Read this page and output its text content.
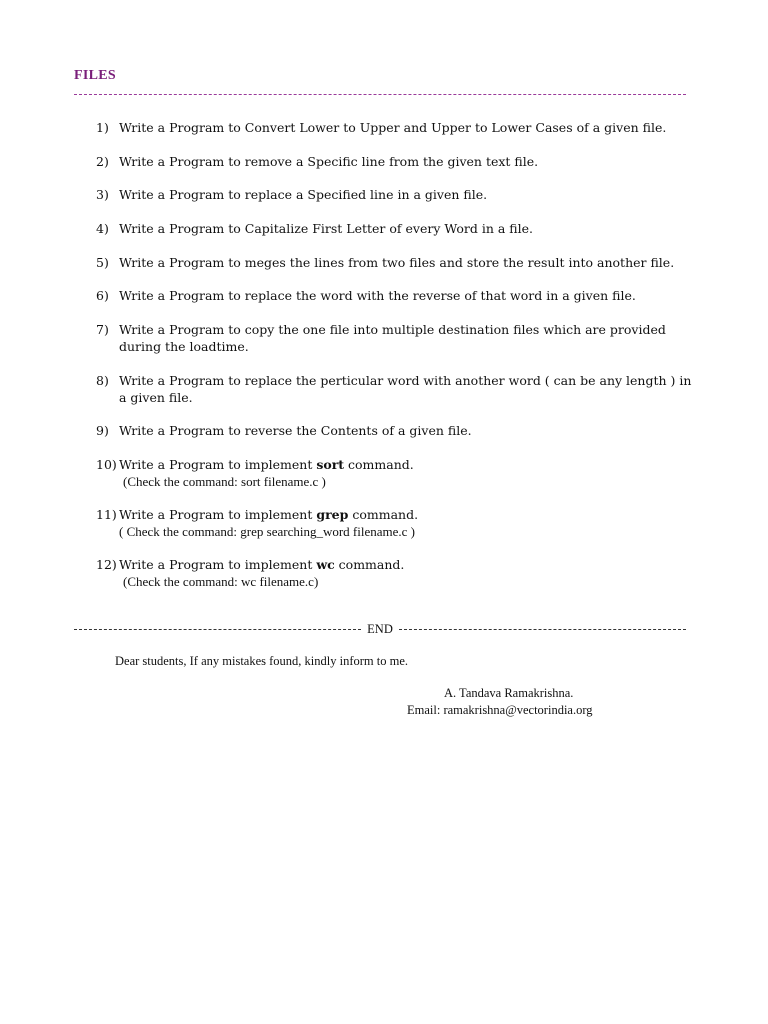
FILES
1) Write a Program to Convert Lower to Upper and Upper to Lower Cases of a given file.
2) Write a Program to remove a Specific line from the given text file.
3) Write a Program to replace a Specified line in a given file.
4) Write a Program to Capitalize First Letter of every Word in a file.
5) Write a Program to meges the lines from two files and store the result into another file.
6) Write a Program to replace the word with the reverse of that word in a given file.
7) Write a Program to copy the one file into multiple destination files which are provided during the loadtime.
8) Write a Program to replace the perticular word with another word ( can be any length ) in a given file.
9) Write a Program to reverse the Contents of a given file.
10) Write a Program to implement sort command.
(Check the command: sort filename.c )
11) Write a Program to implement grep command.
( Check the command: grep searching_word filename.c )
12) Write a Program to implement wc command.
(Check the command: wc filename.c)
END
Dear students, If any mistakes found, kindly inform to me.
A. Tandava Ramakrishna.
Email: ramakrishna@vectorindia.org
